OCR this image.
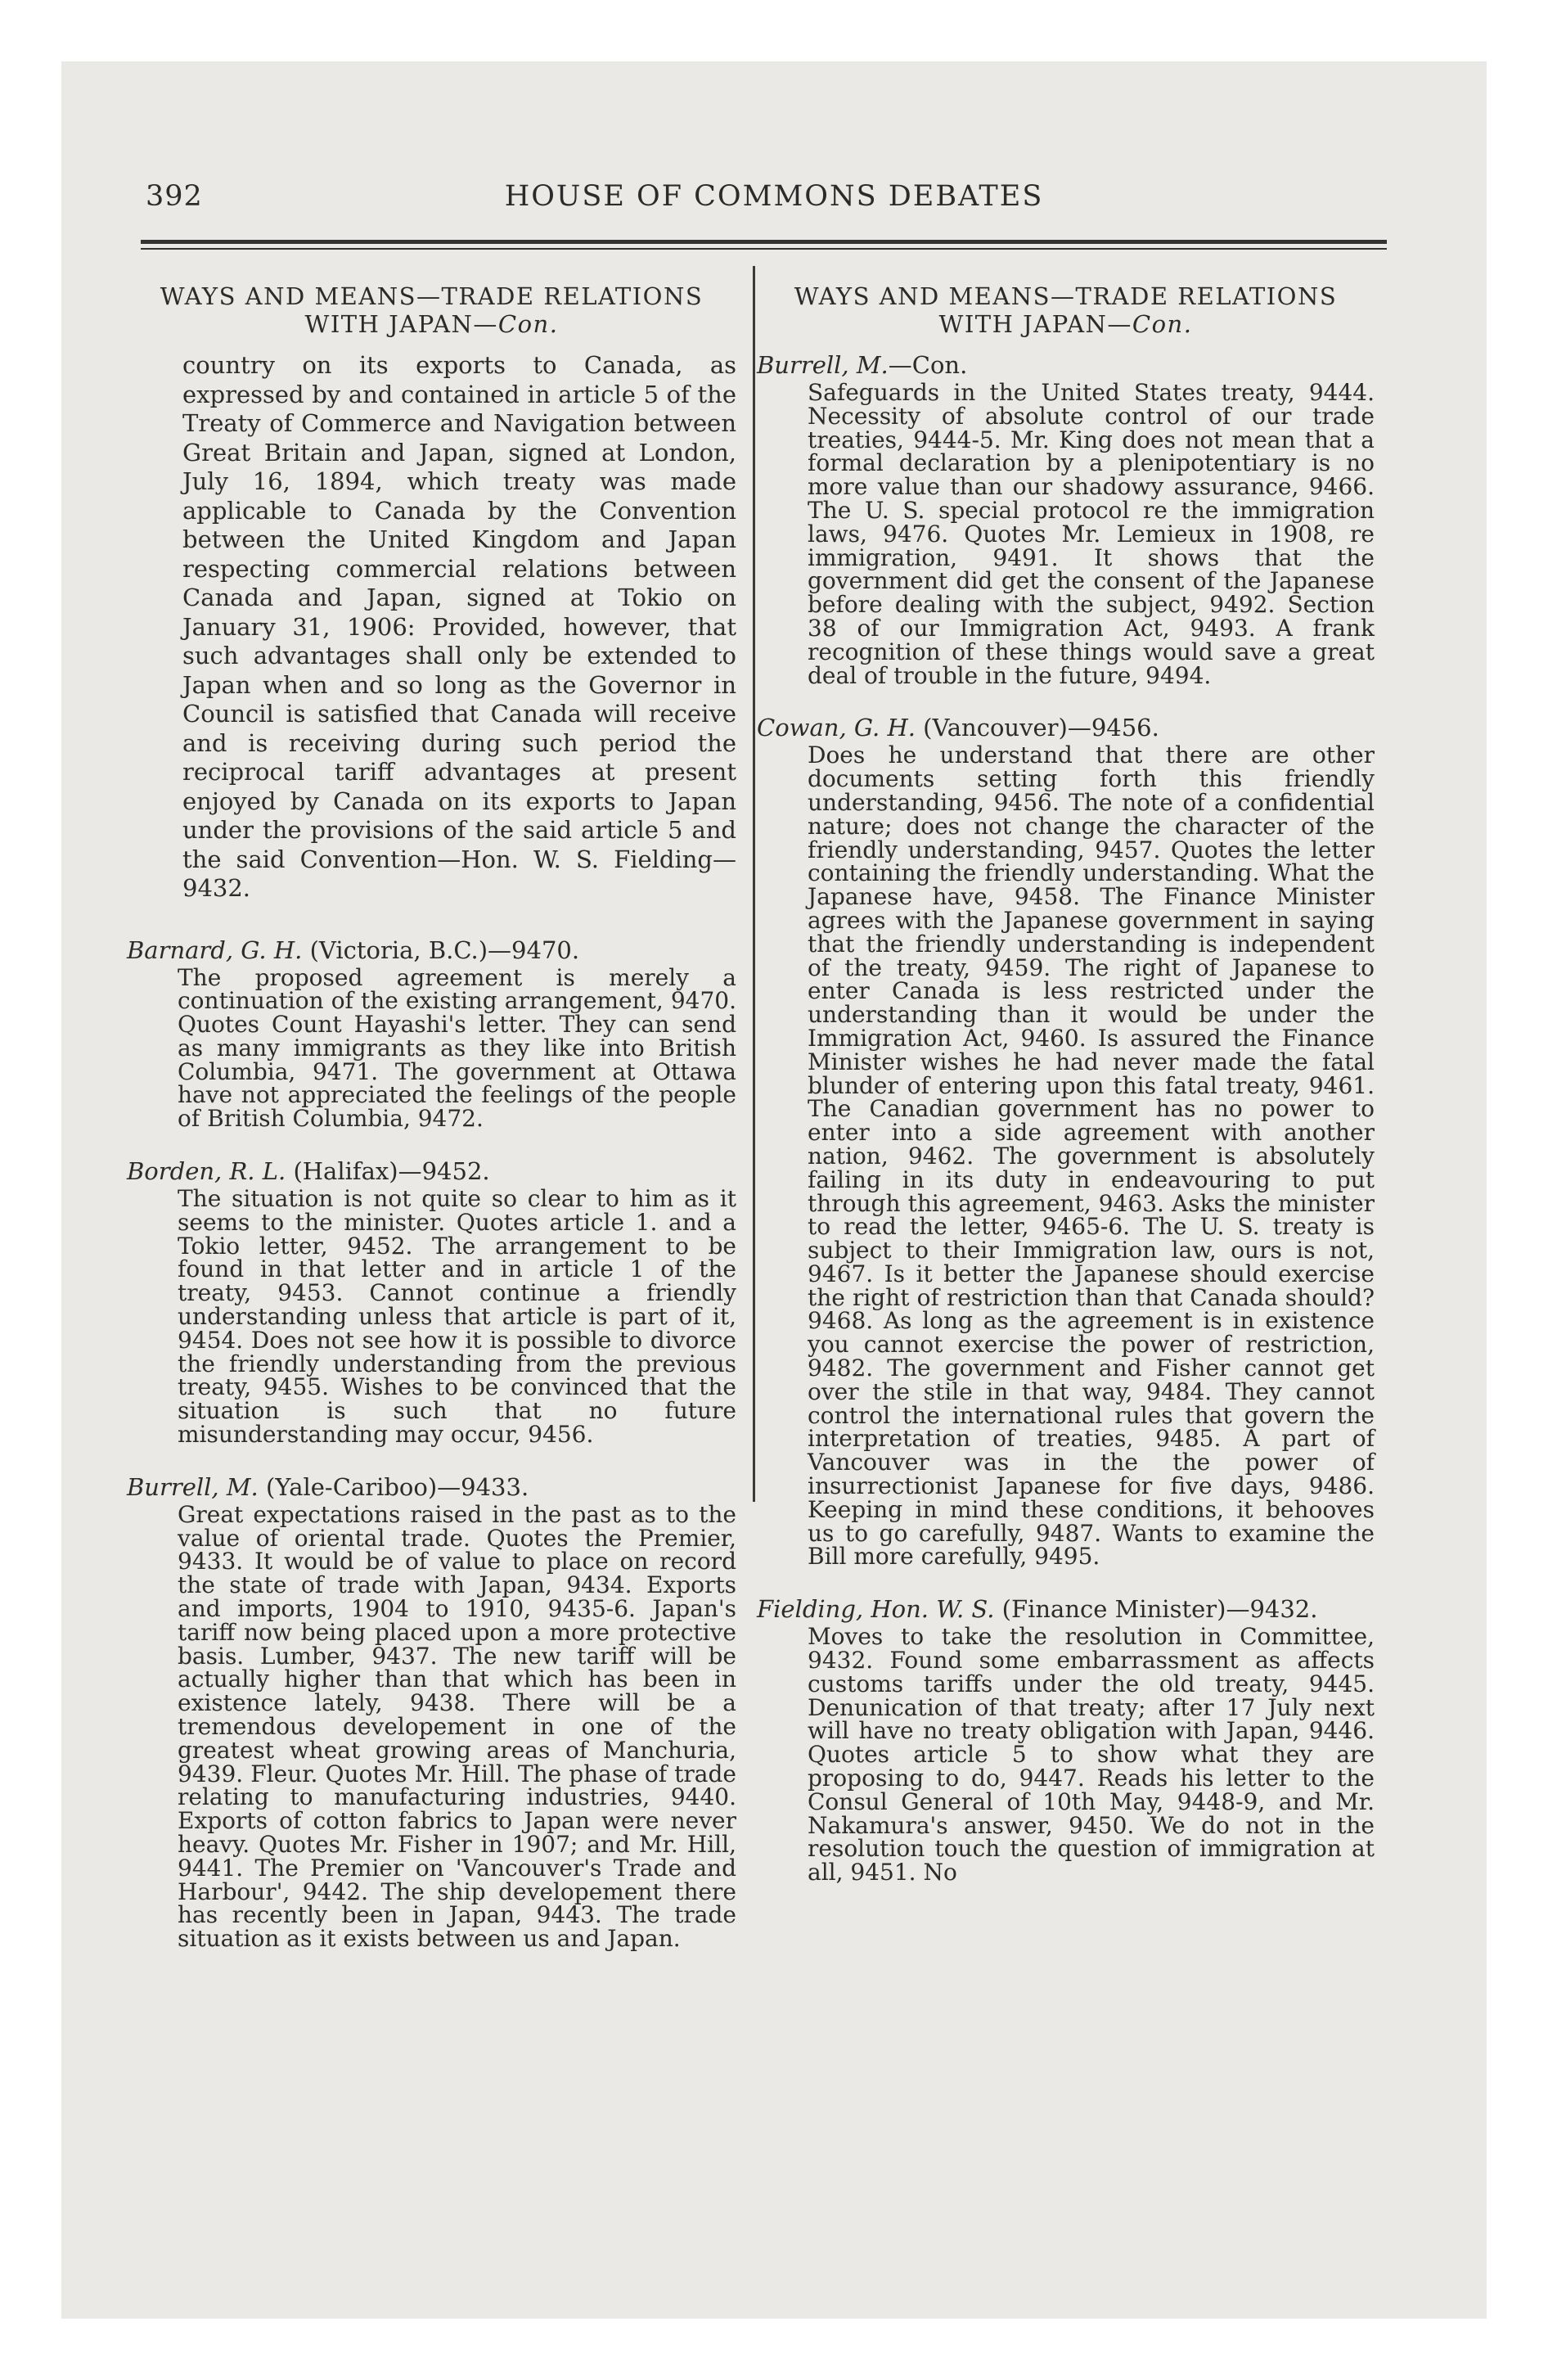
392	HOUSE OF COMMONS DEBATES
WAYS AND MEANS—TRADE RELATIONS
WITH JAPAN—Con.
country on its exports to Canada, as expressed by and contained in article 5 of the Treaty of Commerce and Navigation between Great Britain and Japan, signed at London, July 16, 1894, which treaty was made applicable to Canada by the Convention between the United Kingdom and Japan respecting commercial relations between Canada and Japan, signed at Tokio on January 31, 1906: Provided, however, that such advantages shall only be extended to Japan when and so long as the Governor in Council is satisfied that Canada will receive and is receiving during such period the reciprocal tariff advantages at present enjoyed by Canada on its exports to Japan under the provisions of the said article 5 and the said Convention—Hon. W. S. Fielding—9432.
Barnard, G. H. (Victoria, B.C.)—9470.
The proposed agreement is merely a continuation of the existing arrangement, 9470. Quotes Count Hayashi's letter. They can send as many immigrants as they like into British Columbia, 9471. The government at Ottawa have not appreciated the feelings of the people of British Columbia, 9472.
Borden, R. L. (Halifax)—9452.
The situation is not quite so clear to him as it seems to the minister. Quotes article 1. and a Tokio letter, 9452. The arrangement to be found in that letter and in article 1 of the treaty, 9453. Cannot continue a friendly understanding unless that article is part of it, 9454. Does not see how it is possible to divorce the friendly understanding from the previous treaty, 9455. Wishes to be convinced that the situation is such that no future misunderstanding may occur, 9456.
Burrell, M. (Yale-Cariboo)—9433.
Great expectations raised in the past as to the value of oriental trade. Quotes the Premier, 9433. It would be of value to place on record the state of trade with Japan, 9434. Exports and imports, 1904 to 1910, 9435-6. Japan's tariff now being placed upon a more protective basis. Lumber, 9437. The new tariff will be actually higher than that which has been in existence lately, 9438. There will be a tremendous developement in one of the greatest wheat growing areas of Manchuria, 9439. Fleur. Quotes Mr. Hill. The phase of trade relating to manufacturing industries, 9440. Exports of cotton fabrics to Japan were never heavy. Quotes Mr. Fisher in 1907; and Mr. Hill, 9441. The Premier on 'Vancouver's Trade and Harbour', 9442. The ship developement there has recently been in Japan, 9443. The trade situation as it exists between us and Japan.
WAYS AND MEANS—TRADE RELATIONS
WITH JAPAN—Con.
Burrell, M.—Con.
Safeguards in the United States treaty, 9444. Necessity of absolute control of our trade treaties, 9444-5. Mr. King does not mean that a formal declaration by a plenipotentiary is no more value than our shadowy assurance, 9466. The U. S. special protocol re the immigration laws, 9476. Quotes Mr. Lemieux in 1908, re immigration, 9491. It shows that the government did get the consent of the Japanese before dealing with the subject, 9492. Section 38 of our Immigration Act, 9493. A frank recognition of these things would save a great deal of trouble in the future, 9494.
Cowan, G. H. (Vancouver)—9456.
Does he understand that there are other documents setting forth this friendly understanding, 9456. The note of a confidential nature; does not change the character of the friendly understanding, 9457. Quotes the letter containing the friendly understanding. What the Japanese have, 9458. The Finance Minister agrees with the Japanese government in saying that the friendly understanding is independent of the treaty, 9459. The right of Japanese to enter Canada is less restricted under the understanding than it would be under the Immigration Act, 9460. Is assured the Finance Minister wishes he had never made the fatal blunder of entering upon this fatal treaty, 9461. The Canadian government has no power to enter into a side agreement with another nation, 9462. The government is absolutely failing in its duty in endeavouring to put through this agreement, 9463. Asks the minister to read the letter, 9465-6. The U. S. treaty is subject to their Immigration law, ours is not, 9467. Is it better the Japanese should exercise the right of restriction than that Canada should? 9468. As long as the agreement is in existence you cannot exercise the power of restriction, 9482. The government and Fisher cannot get over the stile in that way, 9484. They cannot control the international rules that govern the interpretation of treaties, 9485. A part of Vancouver was in the the power of insurrectionist Japanese for five days, 9486. Keeping in mind these conditions, it behooves us to go carefully, 9487. Wants to examine the Bill more carefully, 9495.
Fielding, Hon. W. S. (Finance Minister)—9432.
Moves to take the resolution in Committee, 9432. Found some embarrassment as affects customs tariffs under the old treaty, 9445. Denunication of that treaty; after 17 July next will have no treaty obligation with Japan, 9446. Quotes article 5 to show what they are proposing to do, 9447. Reads his letter to the Consul General of 10th May, 9448-9, and Mr. Nakamura's answer, 9450. We do not in the resolution touch the question of immigration at all, 9451. No
